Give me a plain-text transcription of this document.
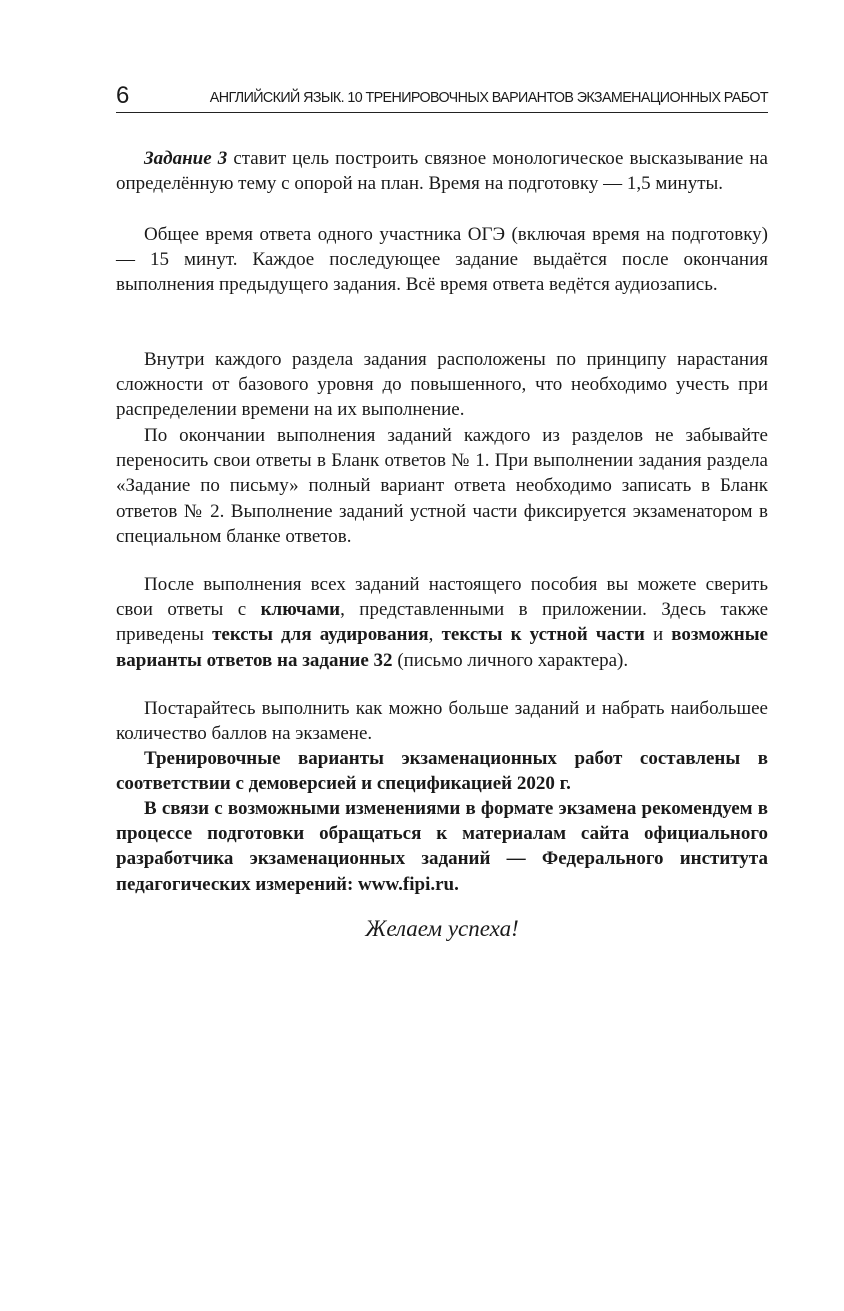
6	АНГЛИЙСКИЙ ЯЗЫК. 10 ТРЕНИРОВОЧНЫХ ВАРИАНТОВ ЭКЗАМЕНАЦИОННЫХ РАБОТ

Задание 3 ставит цель построить связное монологическое высказывание на определённую тему с опорой на план. Время на подготовку — 1,5 минуты.

Общее время ответа одного участника ОГЭ (включая время на подготовку) — 15 минут. Каждое последующее задание выдаётся после окончания выполнения предыдущего задания. Всё время ответа ведётся аудиозапись.

Внутри каждого раздела задания расположены по принципу нарастания сложности от базового уровня до повышенного, что необходимо учесть при распределении времени на их выполнение.

По окончании выполнения заданий каждого из разделов не забывайте переносить свои ответы в Бланк ответов № 1. При выполнении задания раздела «Задание по письму» полный вариант ответа необходимо записать в Бланк ответов № 2. Выполнение заданий устной части фиксируется экзаменатором в специальном бланке ответов.

После выполнения всех заданий настоящего пособия вы можете сверить свои ответы с ключами, представленными в приложении. Здесь также приведены тексты для аудирования, тексты к устной части и возможные варианты ответов на задание 32 (письмо личного характера).

Постарайтесь выполнить как можно больше заданий и набрать наибольшее количество баллов на экзамене.

Тренировочные варианты экзаменационных работ составлены в соответствии с демоверсией и спецификацией 2020 г.

В связи с возможными изменениями в формате экзамена рекомендуем в процессе подготовки обращаться к материалам сайта официального разработчика экзаменационных заданий — Федерального института педагогических измерений: www.fipi.ru.

Желаем успеха!
